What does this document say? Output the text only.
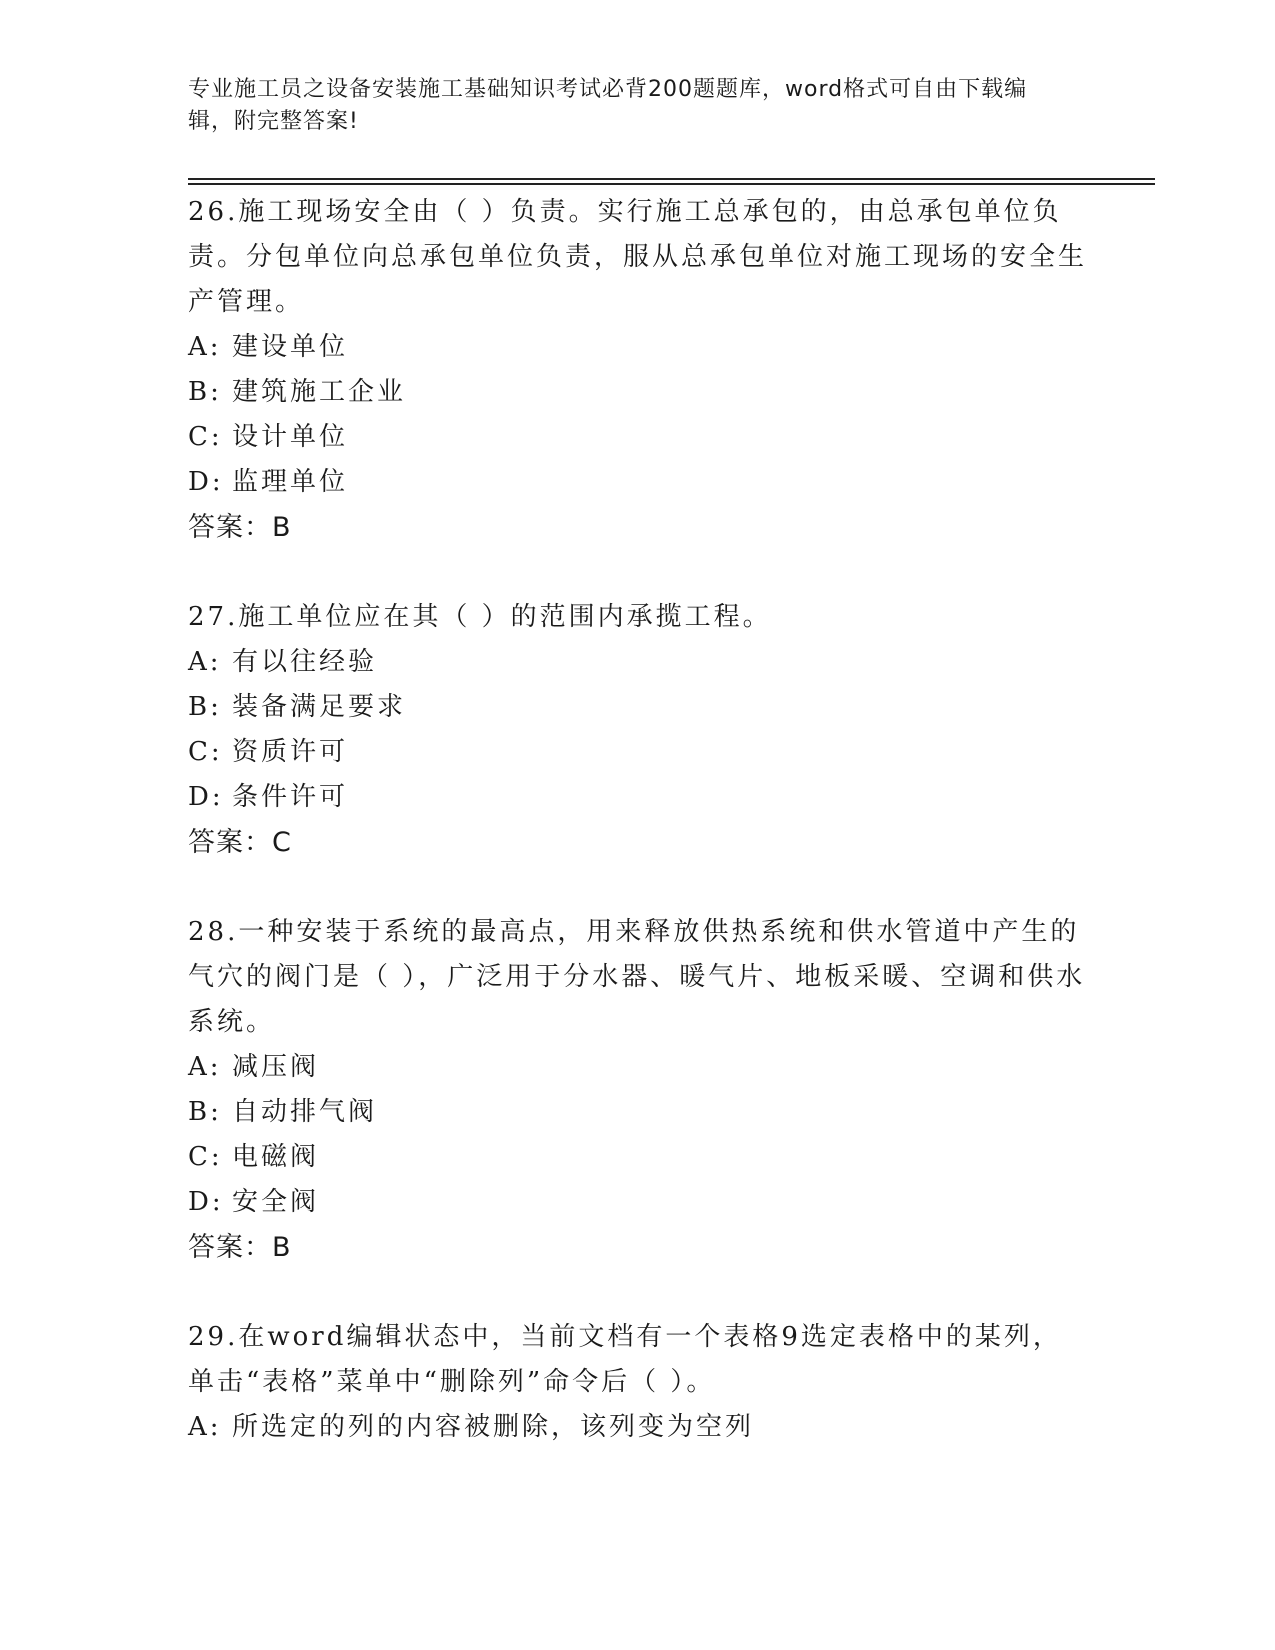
专业施工员之设备安装施工基础知识考试必背200题题库，word格式可自由下载编辑，附完整答案!

26.施工现场安全由（ ）负责。实行施工总承包的，由总承包单位负责。分包单位向总承包单位负责，服从总承包单位对施工现场的安全生产管理。

A: 建设单位

B: 建筑施工企业

C: 设计单位

D: 监理单位

答案：B

27.施工单位应在其（ ）的范围内承揽工程。

A: 有以往经验

B: 装备满足要求

C: 资质许可

D: 条件许可

答案：C

28.一种安装于系统的最高点，用来释放供热系统和供水管道中产生的气穴的阀门是（ ），广泛用于分水器、暖气片、地板采暖、空调和供水系统。

A: 减压阀

B: 自动排气阀

C: 电磁阀

D: 安全阀

答案：B

29.在word编辑状态中，当前文档有一个表格9选定表格中的某列，单击“表格”菜单中“删除列”命令后（ ）。

A: 所选定的列的内容被删除，该列变为空列
